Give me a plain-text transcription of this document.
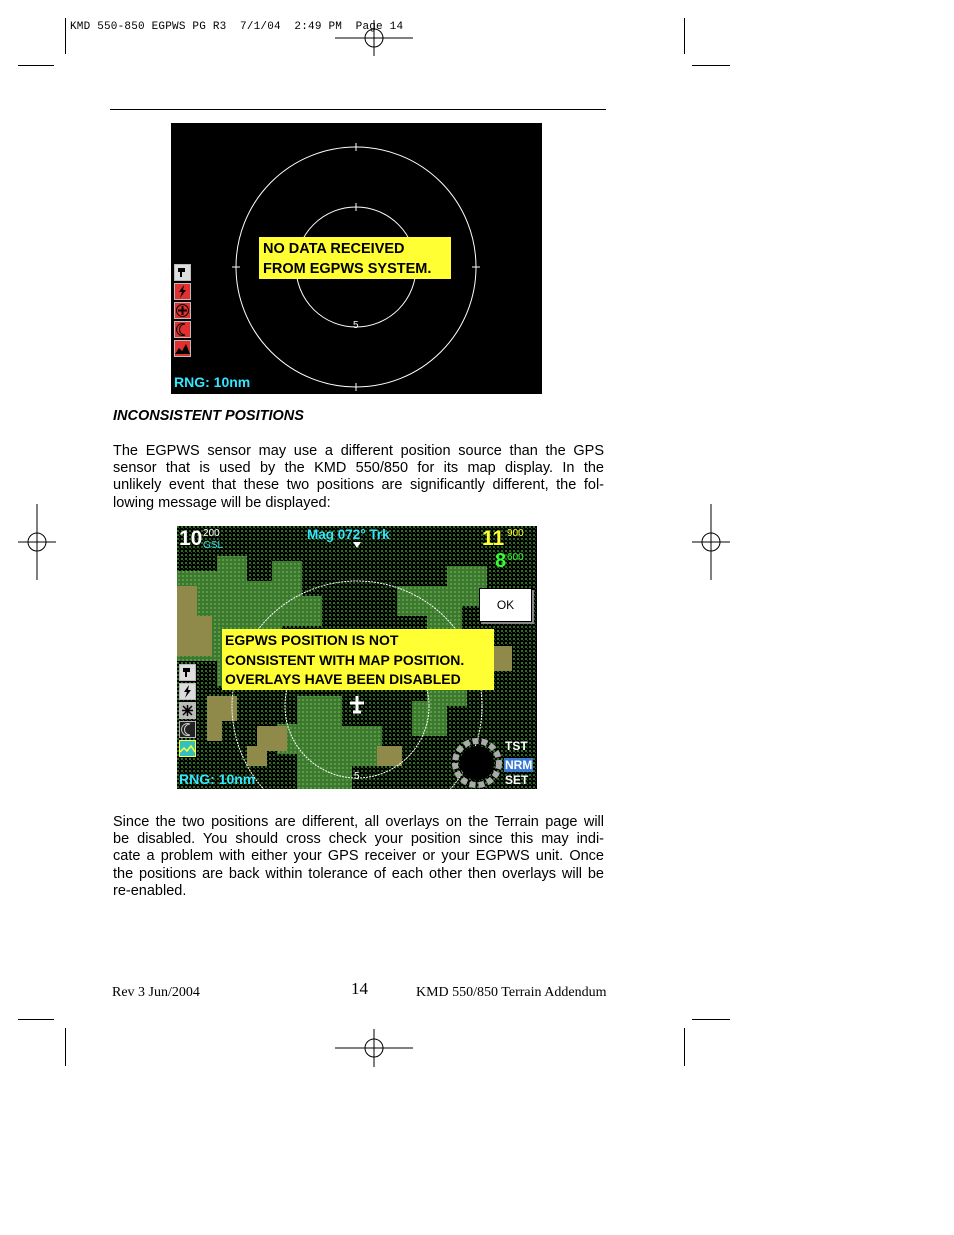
KMD 550-850 EGPWS PG R3  7/1/04  2:49 PM  Page 14
5
NO DATA RECEIVED
FROM EGPWS SYSTEM.
RNG: 10nm
INCONSISTENT POSITIONS
The EGPWS sensor may use a different position source than the GPS
sensor that is used by the KMD 550/850 for its map display. In the
unlikely event that these two positions are significantly different, the fol-
lowing message will be displayed:
10 200
GSL
Mag 072° Trk	11 900
8 600
OK
EGPWS POSITION IS NOT
CONSISTENT WITH MAP POSITION.
OVERLAYS HAVE BEEN DISABLED
5
RNG: 10nm
TST
NRM
SET
Since the two positions are different, all overlays on the Terrain page will
be disabled. You should cross check your position since this may indi-
cate a problem with either your GPS receiver or your EGPWS unit. Once
the positions are back within tolerance of each other then overlays will be
re-enabled.
Rev 3 Jun/2004	14	KMD 550/850 Terrain Addendum
